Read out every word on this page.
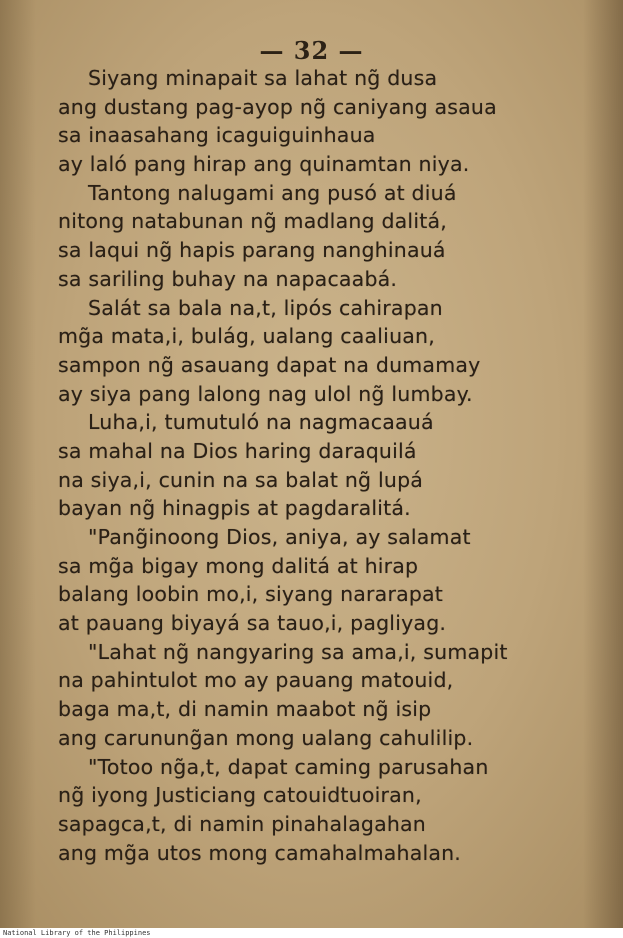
— 32 —
Siyang minapait sa lahat ng̃ dusa
ang dustang pag-ayop ng̃ caniyang asaua
sa inaasahang icaguiguinhaua
ay laló pang hirap ang quinamtan niya.
Tantong nalugami ang pusó at diuá
nitong natabunan ng̃ madlang dalitá,
sa laqui ng̃ hapis parang nanghinauá
sa sariling buhay na napacaabá.
Salát sa bala na,t, lipós cahirapan
mg̃a mata,i, bulág, ualang caaliuan,
sampon ng̃ asauang dapat na dumamay
ay siya pang lalong nag ulol ng̃ lumbay.
Luha,i, tumutuló na nagmacaauá
sa mahal na Dios haring daraquilá
na siya,i, cunin na sa balat ng̃ lupá
bayan ng̃ hinagpis at pagdaralitá.
"Pang̃inoong Dios, aniya, ay salamat
sa mg̃a bigay mong dalitá at hirap
balang loobin mo,i, siyang nararapat
at pauang biyayá sa tauo,i, pagliyag.
"Lahat ng̃ nangyaring sa ama,i, sumapit
na pahintulot mo ay pauang matouid,
baga ma,t, di namin maabot ng̃ isip
ang carunung̃an mong ualang cahulilip.
"Totoo ng̃a,t, dapat caming parusahan
ng̃ iyong Justiciang catouidtuoiran,
sapagca,t, di namin pinahalagahan
ang mg̃a utos mong camahalmahalan.
National Library of the Philippines
